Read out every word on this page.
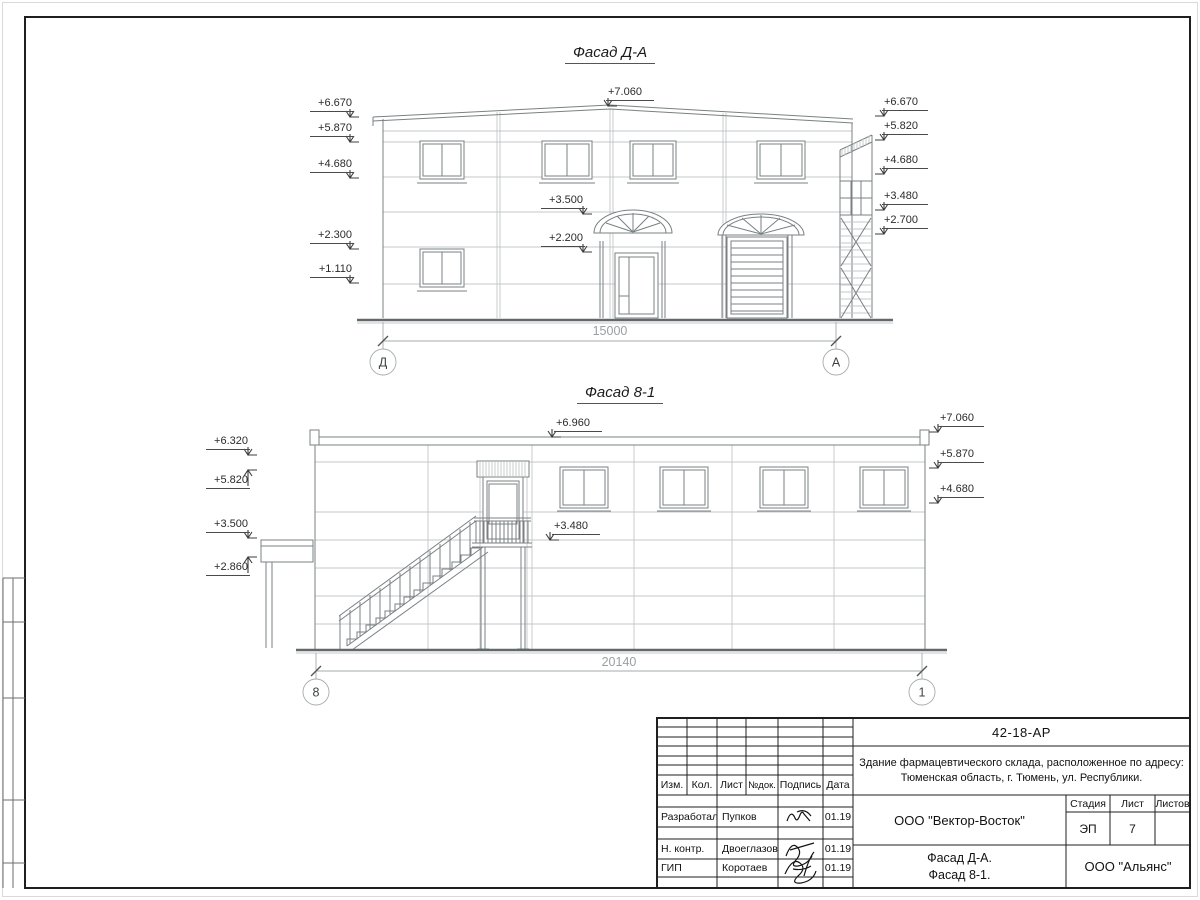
Д	А
8	1
Фасад Д-А
Фасад 8-1
+6.670
+5.870
+4.680
+2.300
+1.110
+7.060
+3.500
+2.200
+6.670
+5.820
+4.680
+3.480
+2.700
15000
+6.320
+5.820
+3.500
+2.860
+6.960
+3.480
+7.060
+5.870
+4.680
20140
Изм. Кол. Лист №док. Подпись Дата
Разработал Пупков	01.19
Н. контр.	Двоеглазов	01.19
ГИП	Коротаев	01.19
42-18-АР
Здание фармацевтического склада, расположенное по адресу:
Тюменская область, г. Тюмень, ул. Республики.
ООО "Вектор-Восток"
Стадия	Лист	Листов
ЭП	7
Фасад Д-А.
Фасад 8-1.
ООО "Альянс"
